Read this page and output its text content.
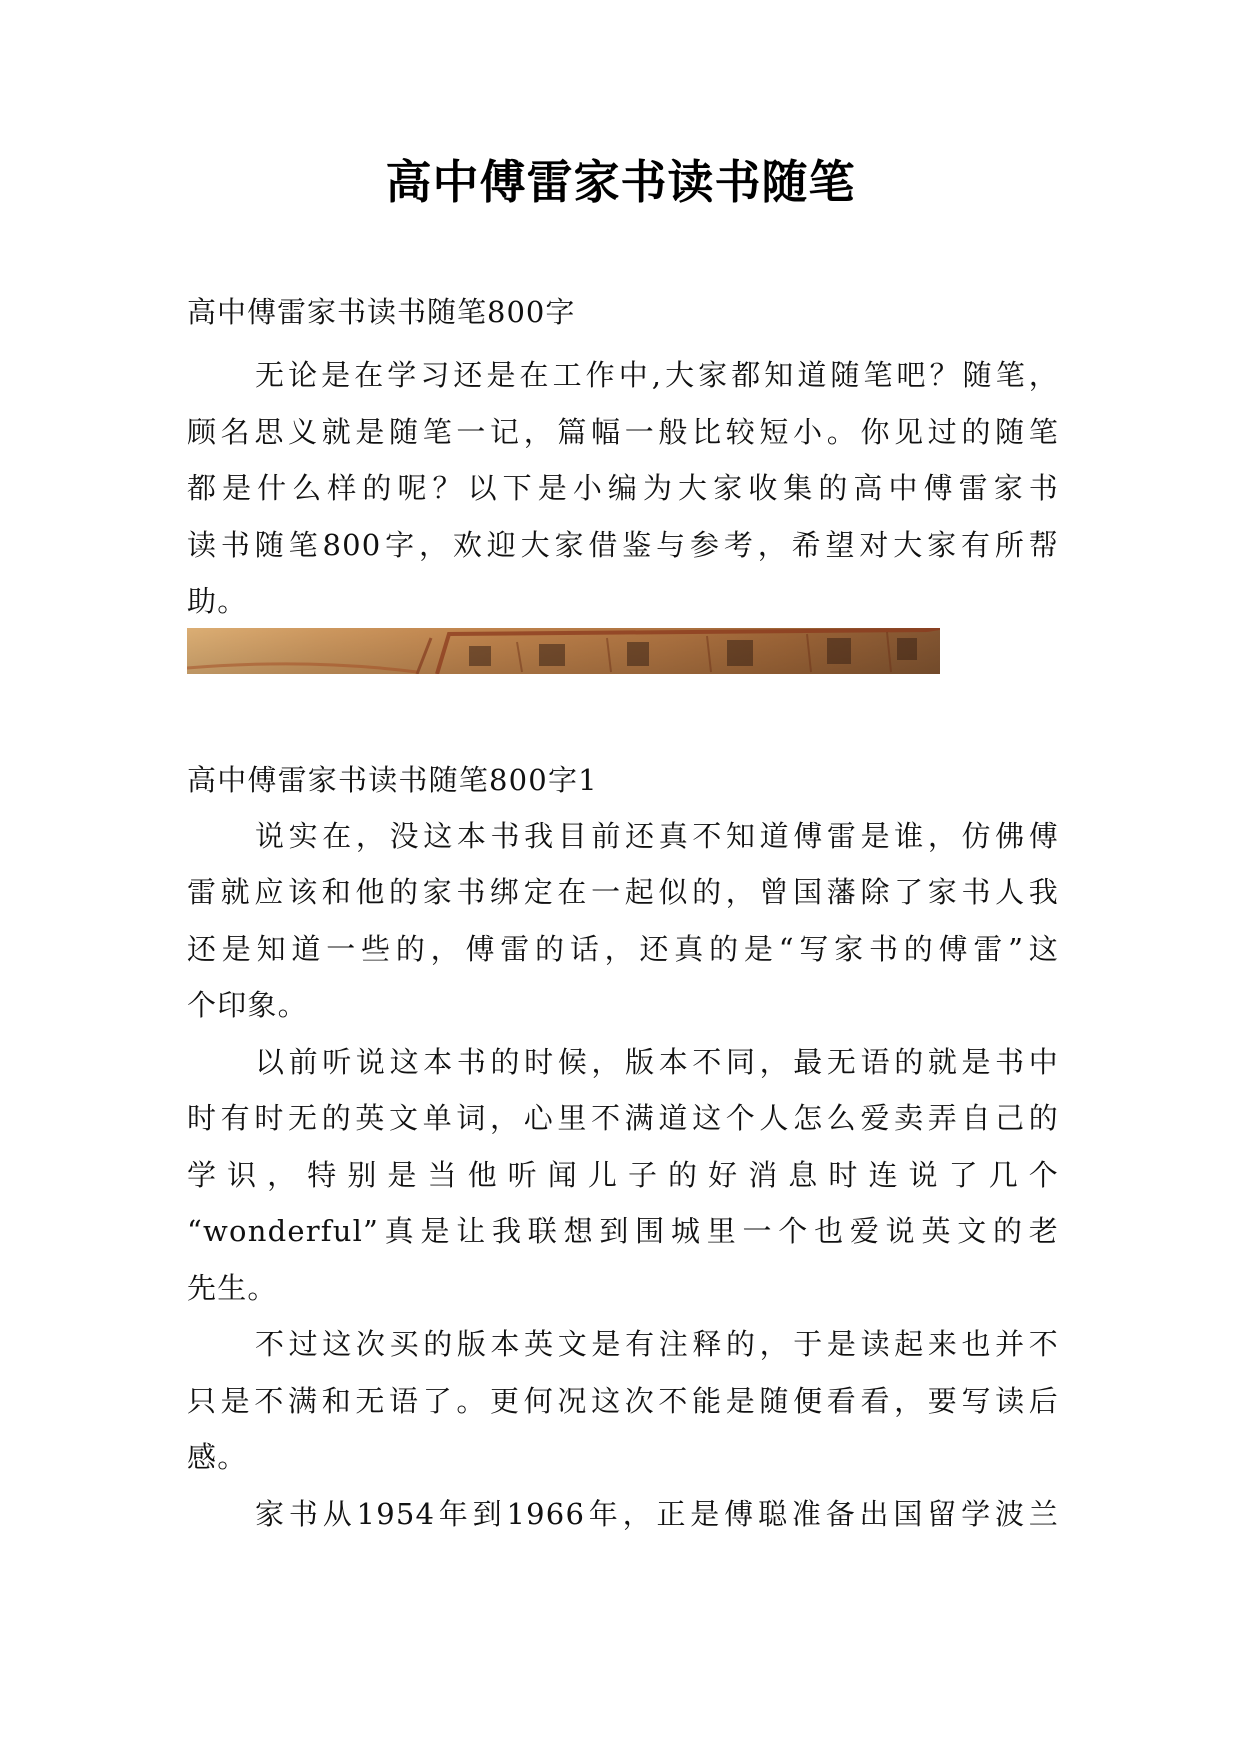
高中傅雷家书读书随笔
高中傅雷家书读书随笔800字
无论是在学习还是在工作中,大家都知道随笔吧？随笔，
顾名思义就是随笔一记，篇幅一般比较短小。你见过的随笔
都是什么样的呢？以下是小编为大家收集的高中傅雷家书
读书随笔800字，欢迎大家借鉴与参考，希望对大家有所帮
助。
高中傅雷家书读书随笔800字1
说实在，没这本书我目前还真不知道傅雷是谁，仿佛傅
雷就应该和他的家书绑定在一起似的，曾国藩除了家书人我
还是知道一些的，傅雷的话，还真的是“写家书的傅雷”这
个印象。
以前听说这本书的时候，版本不同，最无语的就是书中
时有时无的英文单词，心里不满道这个人怎么爱卖弄自己的
学识，特别是当他听闻儿子的好消息时连说了几个
“wonderful”真是让我联想到围城里一个也爱说英文的老
先生。
不过这次买的版本英文是有注释的，于是读起来也并不
只是不满和无语了。更何况这次不能是随便看看，要写读后
感。
家书从1954年到1966年，正是傅聪准备出国留学波兰
